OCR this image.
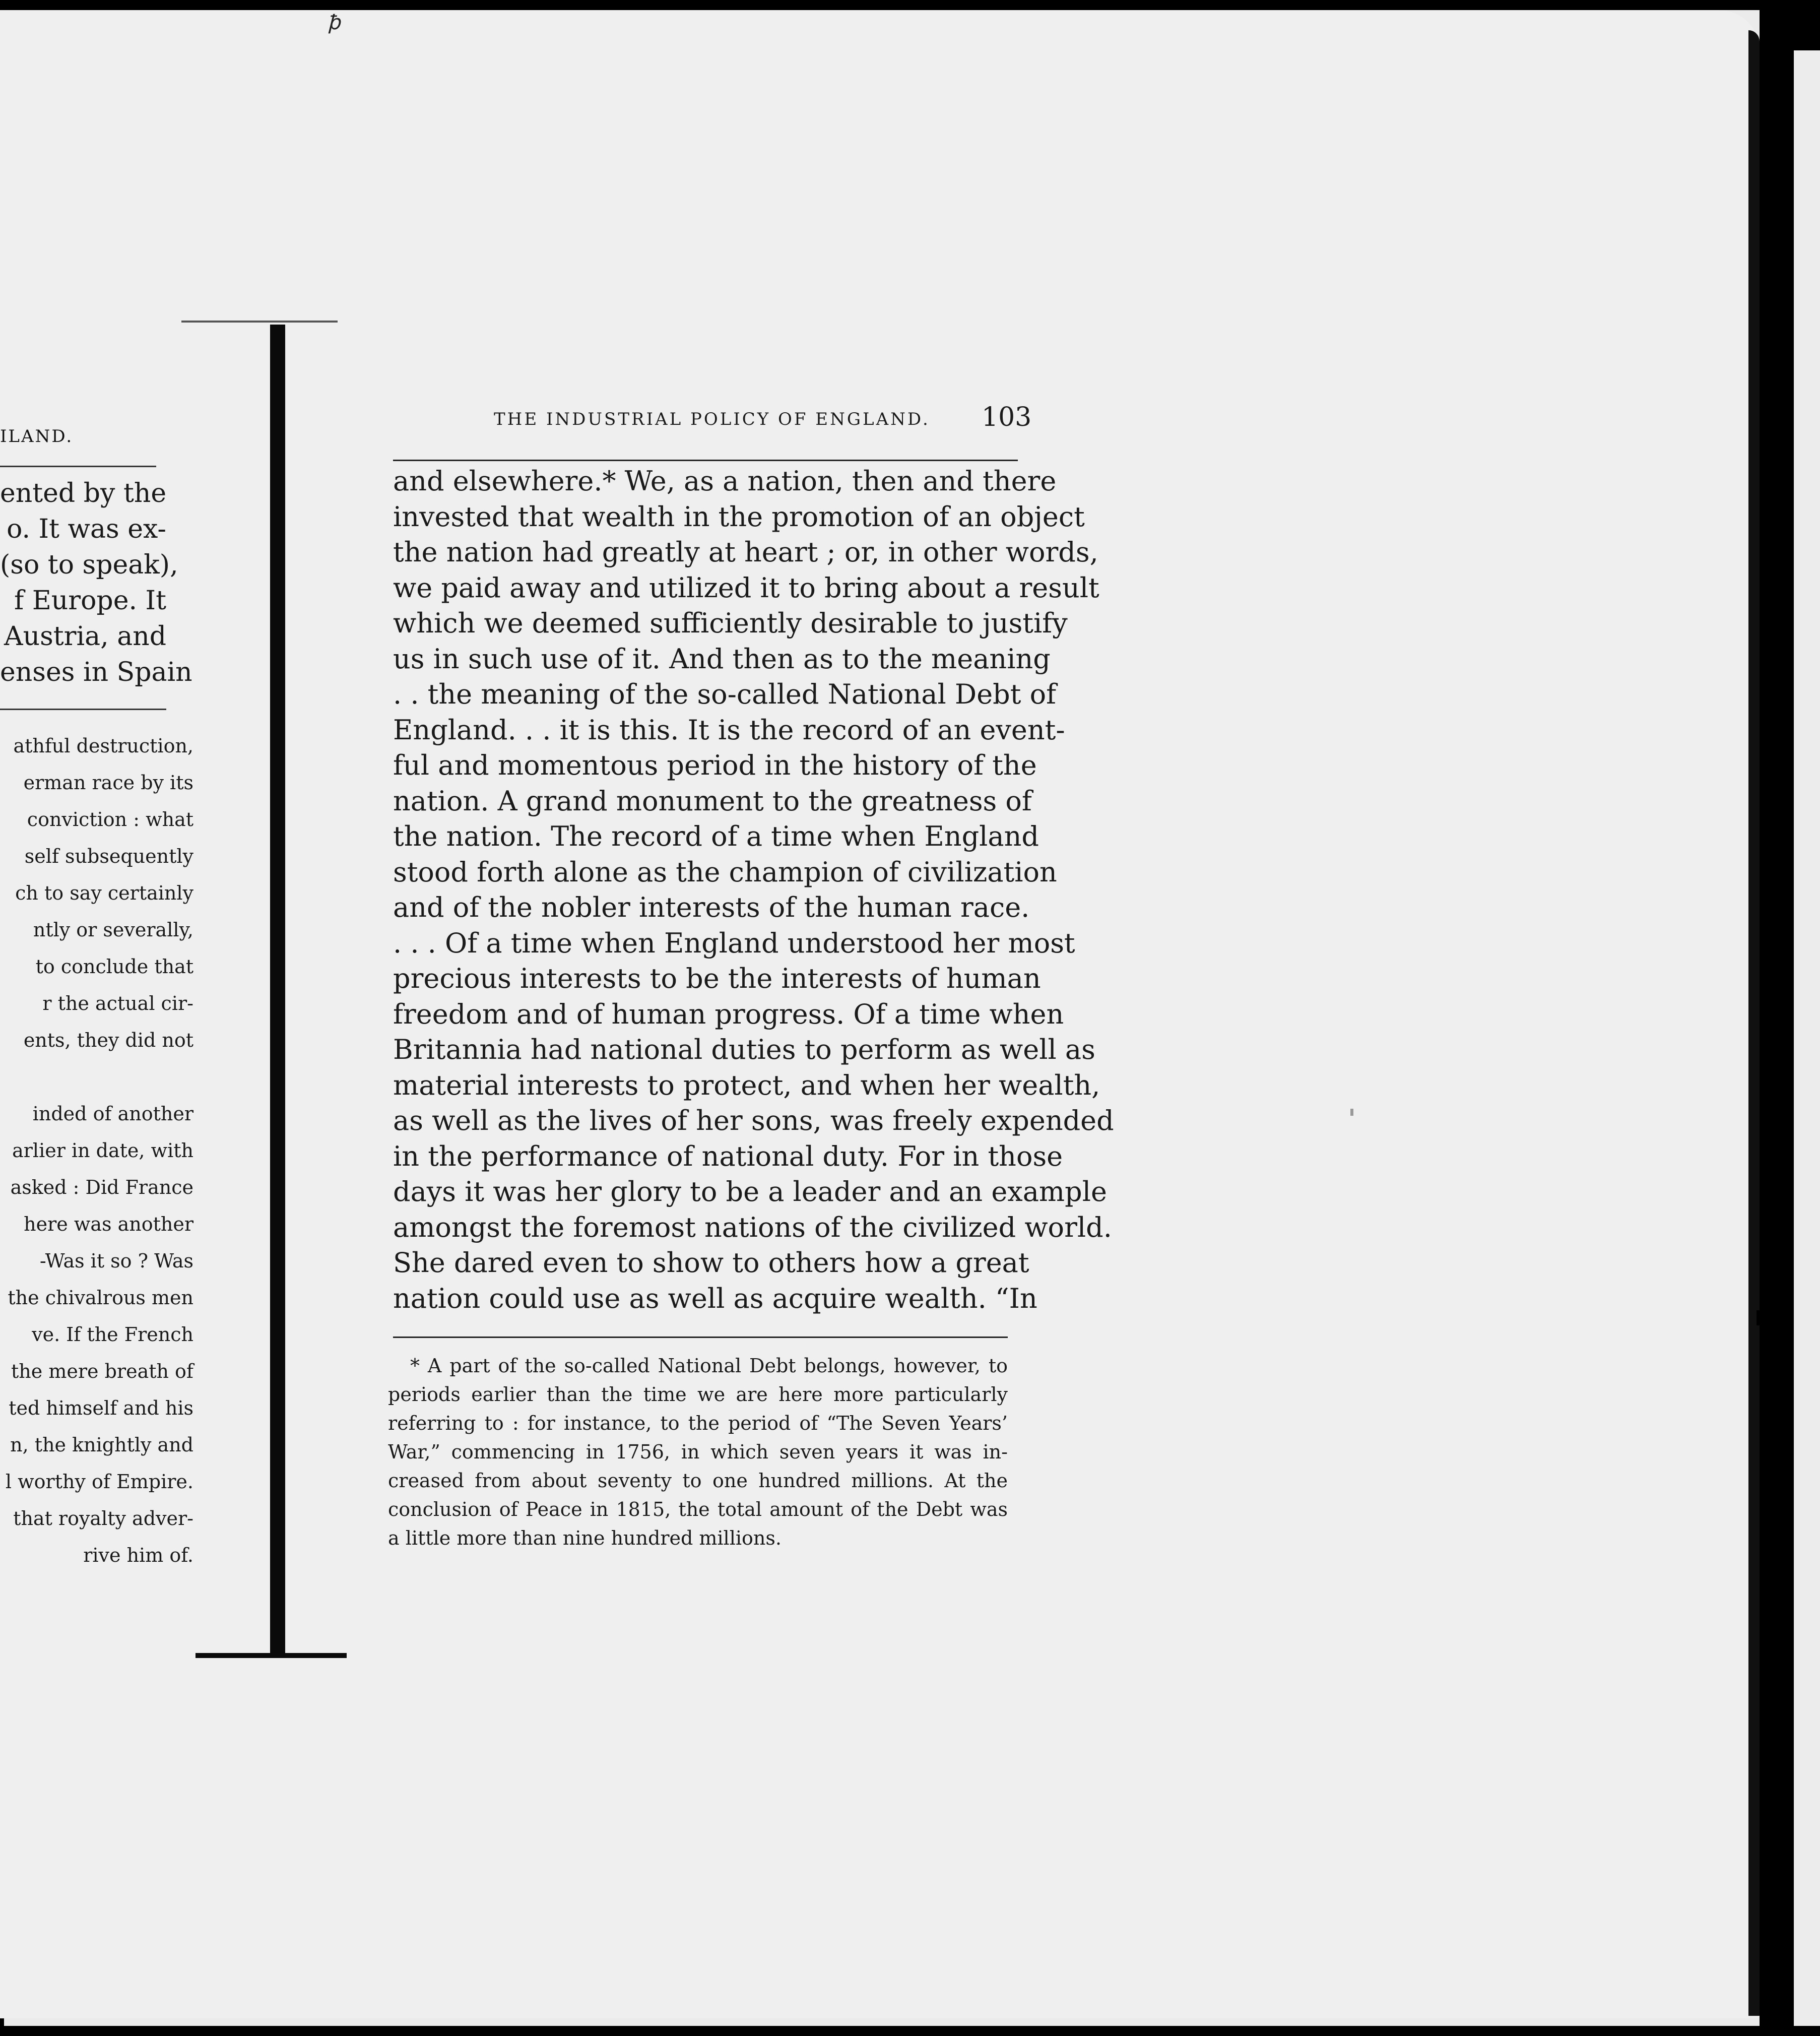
ꝥ
ILAND.
ented by the
o. It was ex-
(so to speak),
f Europe. It
Austria, and
enses in Spain
athful destruction,
erman race by its
conviction : what
self subsequently
ch to say certainly
ntly or severally,
to conclude that
r the actual cir-
ents, they did not

inded of another
arlier in date, with
asked : Did France
here was another
-Was it so ? Was
the chivalrous men
ve. If the French
the mere breath of
ted himself and his
n, the knightly and
l worthy of Empire.
that royalty adver-
rive him of.
THE INDUSTRIAL POLICY OF ENGLAND.	103
and elsewhere.* We, as a nation, then and there
invested that wealth in the promotion of an object
the nation had greatly at heart ; or, in other words,
we paid away and utilized it to bring about a result
which we deemed sufficiently desirable to justify
us in such use of it. And then as to the meaning
. . the meaning of the so-called National Debt of
England. . . it is this. It is the record of an event-
ful and momentous period in the history of the
nation. A grand monument to the greatness of
the nation. The record of a time when England
stood forth alone as the champion of civilization
and of the nobler interests of the human race.
. . . Of a time when England understood her most
precious interests to be the interests of human
freedom and of human progress. Of a time when
Britannia had national duties to perform as well as
material interests to protect, and when her wealth,
as well as the lives of her sons, was freely expended
in the performance of national duty. For in those
days it was her glory to be a leader and an example
amongst the foremost nations of the civilized world.
She dared even to show to others how a great
nation could use as well as acquire wealth. “In
* A part of the so-called National Debt belongs, however, to
periods earlier than the time we are here more particularly
referring to : for instance, to the period of “The Seven Years’
War,” commencing in 1756, in which seven years it was in-
creased from about seventy to one hundred millions. At the
conclusion of Peace in 1815, the total amount of the Debt was
a little more than nine hundred millions.
